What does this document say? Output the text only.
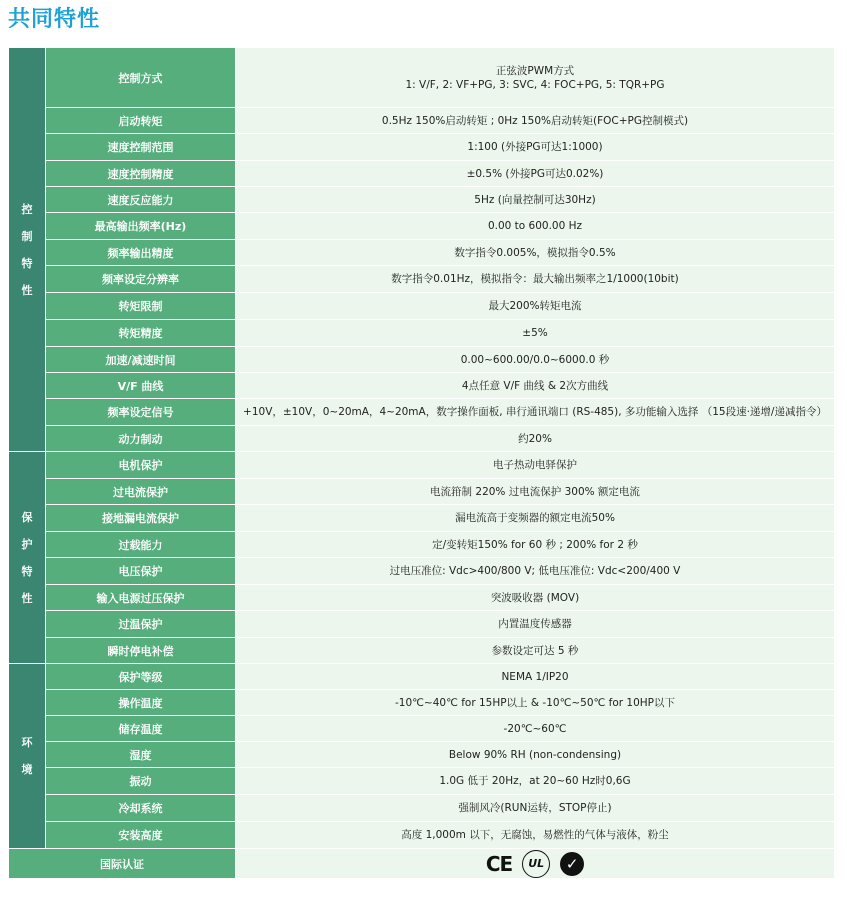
共同特性
控制特性	控制方式	正弦波PWM方式
1: V/F, 2: VF+PG, 3: SVC, 4: FOC+PG, 5: TQR+PG

	启动转矩	0.5Hz 150%启动转矩 ; 0Hz 150%启动转矩(FOC+PG控制模式)

	速度控制范围	1:100 (外接PG可达1:1000)

	速度控制精度	±0.5% (外接PG可达0.02%)

	速度反应能力	5Hz (向量控制可达30Hz)

	最高输出频率(Hz)	0.00 to 600.00 Hz

	频率输出精度	数字指令0.005%，模拟指令0.5%

	频率设定分辨率	数字指令0.01Hz，模拟指令：最大输出频率之1/1000(10bit)

	转矩限制	最大200%转矩电流

	转矩精度	±5%

	加速/减速时间	0.00~600.00/0.0~6000.0 秒

	V/F 曲线	4点任意 V/F 曲线 & 2次方曲线

	频率设定信号	+10V，±10V，0~20mA，4~20mA，数字操作面板, 串行通讯端口 (RS-485), 多功能输入选择 （15段速·递增/递减指令）

	动力制动	约20%

保护特性	电机保护	电子热动电驿保护

	过电流保护	电流箝制 220% 过电流保护 300% 额定电流

	接地漏电流保护	漏电流高于变频器的额定电流50%

	过载能力	定/变转矩150% for 60 秒 ; 200% for 2 秒

	电压保护	过电压准位: Vdc>400/800 V; 低电压准位: Vdc<200/400 V

	输入电源过压保护	突波吸收器 (MOV)

	过温保护	内置温度传感器

	瞬时停电补偿	参数设定可达 5 秒

环境	保护等级	NEMA 1/IP20

	操作温度	-10℃~40℃ for 15HP以上 & -10℃~50℃ for 10HP以下

	储存温度	-20℃~60℃

	湿度	Below 90% RH (non-condensing)

	振动	1.0G 低于 20Hz，at 20~60 Hz时0,6G

	冷却系统	强制风冷(RUN运转，STOP停止)

	安装高度	高度 1,000m 以下，无腐蚀，易燃性的气体与液体，粉尘

国际认证		CE UL ✓
